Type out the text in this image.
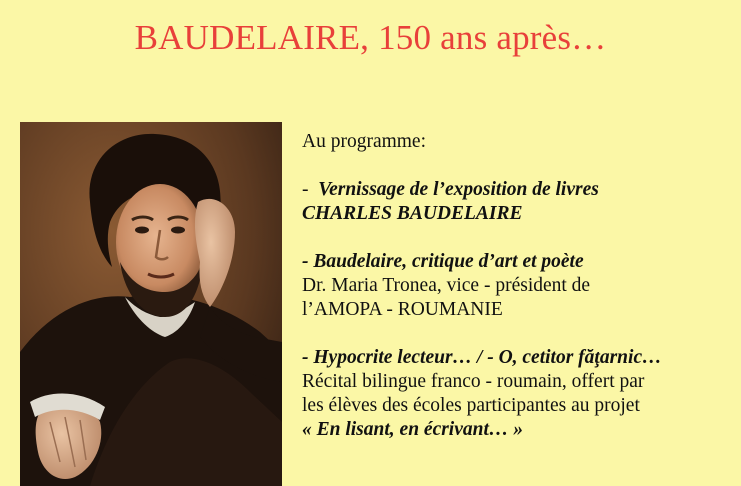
BAUDELAIRE, 150 ans après…

Au programme:

- Vernissage de l’exposition de livres

CHARLES BAUDELAIRE

- Baudelaire, critique d’art et poète

Dr. Maria Tronea, vice - président de

l’AMOPA - ROUMANIE

- Hypocrite lecteur… / - O, cetitor făţarnic…

Récital bilingue franco - roumain, offert par

les élèves des écoles participantes au projet

« En lisant, en écrivant… »
